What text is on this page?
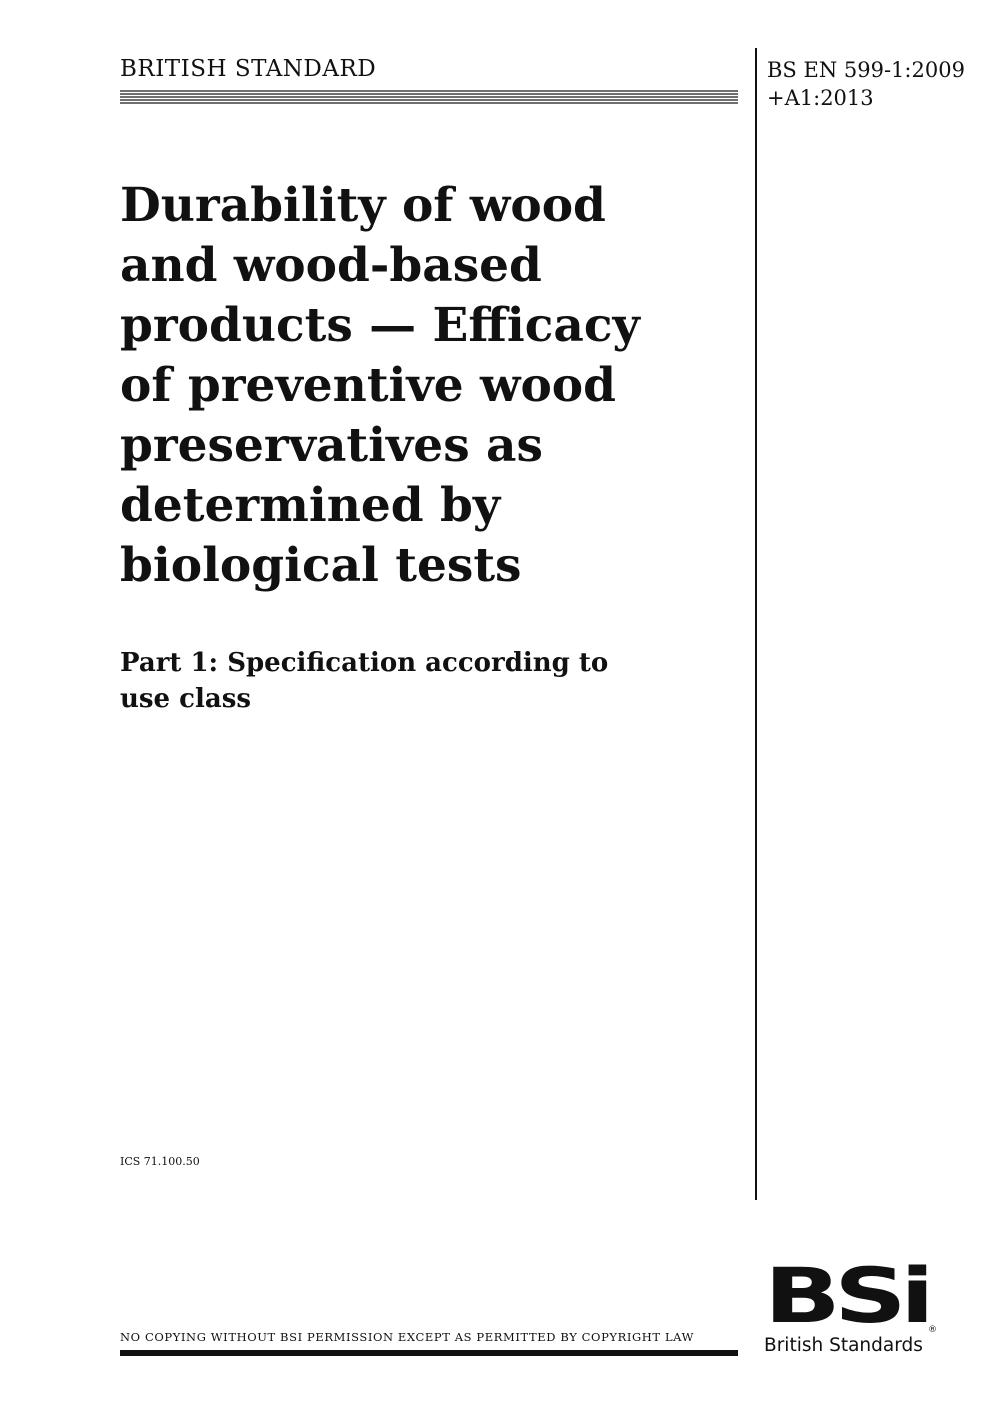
BRITISH STANDARD	BS EN 599-1:2009
+A1:2013
Durability of wood
and wood-based
products — Efficacy
of preventive wood
preservatives as
determined by
biological tests
Part 1: Specification according to
use class
ICS 71.100.50
NO COPYING WITHOUT BSI PERMISSION EXCEPT AS PERMITTED BY COPYRIGHT LAW BSi ®
British Standards
